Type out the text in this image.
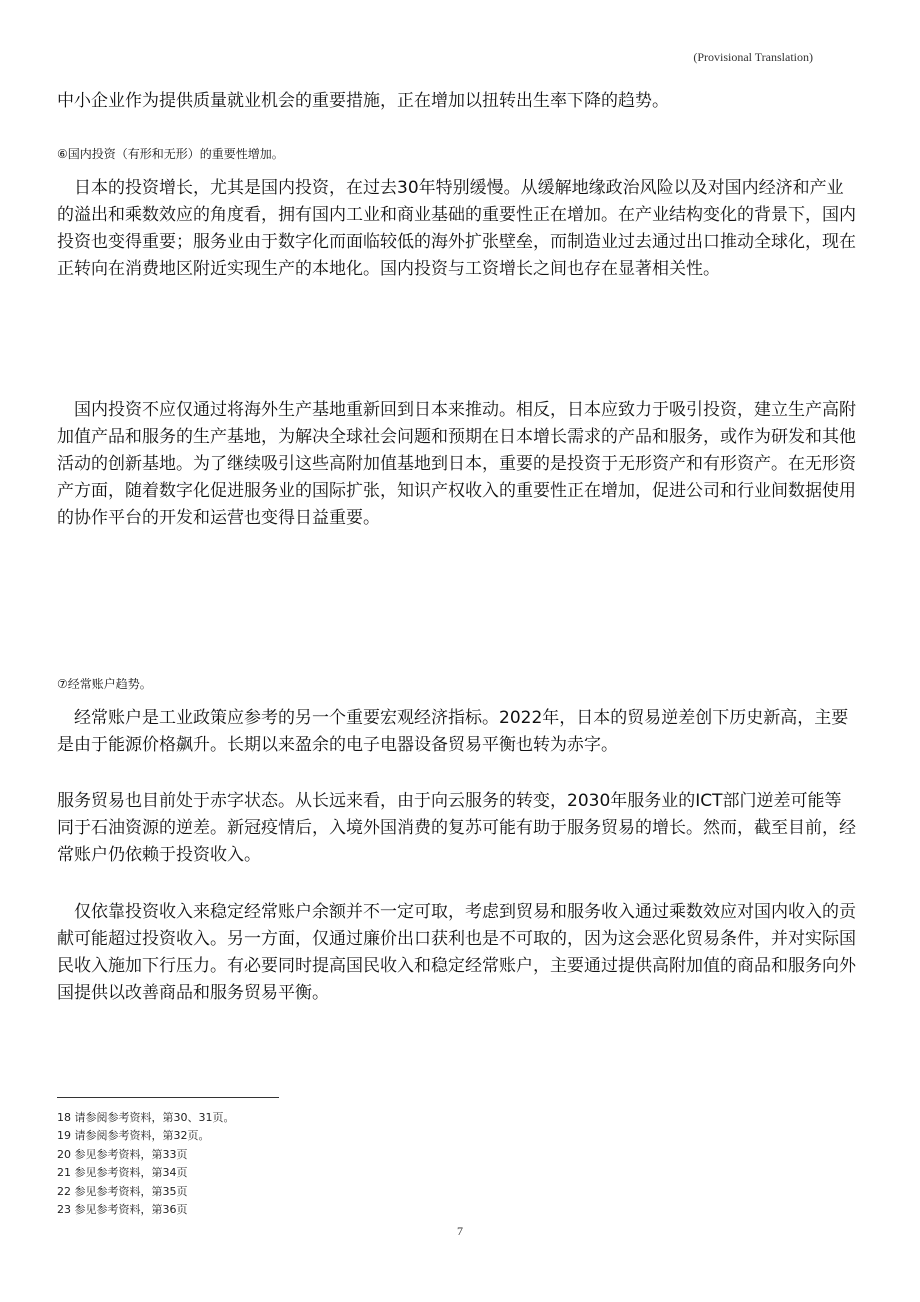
(Provisional Translation)

中小企业作为提供质量就业机会的重要措施，正在增加以扭转出生率下降的趋势。

⑥国内投资（有形和无形）的重要性增加。

日本的投资增长，尤其是国内投资，在过去30年特别缓慢。从缓解地缘政治风险以及对国内经济和产业的溢出和乘数效应的角度看，拥有国内工业和商业基础的重要性正在增加。在产业结构变化的背景下，国内投资也变得重要；服务业由于数字化而面临较低的海外扩张壁垒，而制造业过去通过出口推动全球化，现在正转向在消费地区附近实现生产的本地化。国内投资与工资增长之间也存在显著相关性。

国内投资不应仅通过将海外生产基地重新回到日本来推动。相反，日本应致力于吸引投资，建立生产高附加值产品和服务的生产基地，为解决全球社会问题和预期在日本增长需求的产品和服务，或作为研发和其他活动的创新基地。为了继续吸引这些高附加值基地到日本，重要的是投资于无形资产和有形资产。在无形资产方面，随着数字化促进服务业的国际扩张，知识产权收入的重要性正在增加，促进公司和行业间数据使用的协作平台的开发和运营也变得日益重要。

⑦经常账户趋势。

经常账户是工业政策应参考的另一个重要宏观经济指标。2022年，日本的贸易逆差创下历史新高，主要是由于能源价格飙升。长期以来盈余的电子电器设备贸易平衡也转为赤字。

服务贸易也目前处于赤字状态。从长远来看，由于向云服务的转变，2030年服务业的ICT部门逆差可能等同于石油资源的逆差。新冠疫情后，入境外国消费的复苏可能有助于服务贸易的增长。然而，截至目前，经常账户仍依赖于投资收入。

仅依靠投资收入来稳定经常账户余额并不一定可取，考虑到贸易和服务收入通过乘数效应对国内收入的贡献可能超过投资收入。另一方面，仅通过廉价出口获利也是不可取的，因为这会恶化贸易条件，并对实际国民收入施加下行压力。有必要同时提高国民收入和稳定经常账户，主要通过提供高附加值的商品和服务向外国提供以改善商品和服务贸易平衡。

18 请参阅参考资料，第30、31页。
19 请参阅参考资料，第32页。
20 参见参考资料，第33页
21 参见参考资料，第34页
22 参见参考资料，第35页
23 参见参考资料，第36页
7
